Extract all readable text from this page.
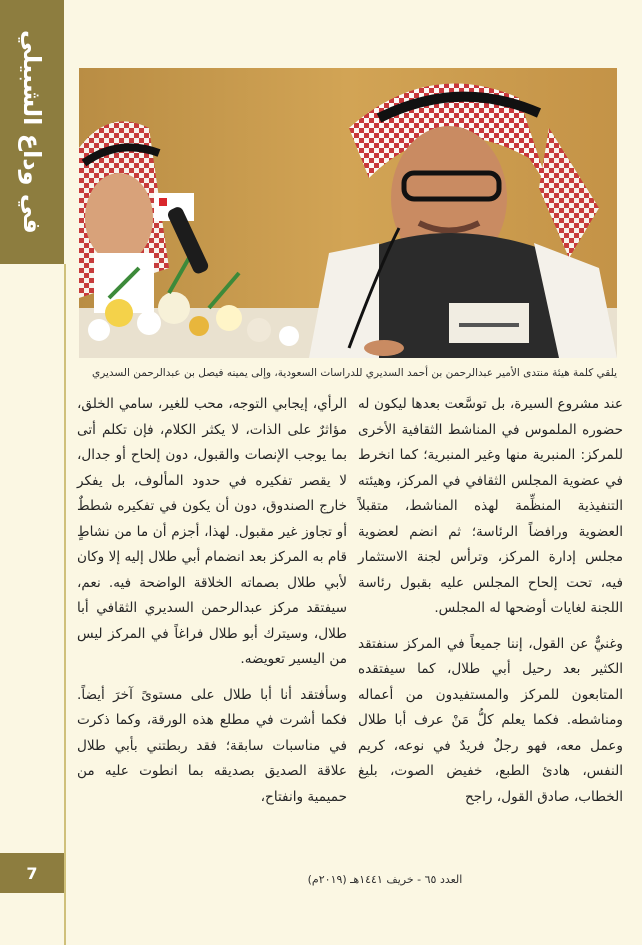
في وداع الشبيلي
يلقي كلمة هيئة منتدى الأمير عبدالرحمن بن أحمد السديري للدراسات السعودية، وإلى يمينه فيصل بن عبدالرحمن السديري

عند مشروع السيرة، بل توسَّعت بعدها ليكون له حضوره الملموس في المناشط الثقافية الأخرى للمركز: المنبرية منها وغير المنبرية؛ كما انخرط في عضوية المجلس الثقافي في المركز، وهيئته التنفيذية المنظِّمة لهذه المناشط، متقبلاً العضوية ورافضاً الرئاسة؛ ثم انضم لعضوية مجلس إدارة المركز، وترأس لجنة الاستثمار فيه، تحت إلحاح المجلس عليه بقبول رئاسة اللجنة لغايات أوضحها له المجلس.

وغنيٌّ عن القول، إننا جميعاً في المركز سنفتقد الكثير بعد رحيل أبي طلال، كما سيفتقده المتابعون للمركز والمستفيدون من أعماله ومناشطه. فكما يعلم كلُّ مَنْ عرف أبا طلال وعمل معه، فهو رجلٌ فريدٌ في نوعه، كريم النفس، هادئ الطبع، خفيض الصوت، بليغ الخطاب، صادق القول، راجح

الرأي، إيجابي التوجه، محب للغير، سامي الخلق، مؤاثرٌ على الذات، لا يكثر الكلام، فإن تكلم أتى بما يوجب الإنصات والقبول، دون إلحاح أو جدال، لا يقصر تفكيره في حدود المألوف، بل يفكر خارج الصندوق، دون أن يكون في تفكيره شططٌ أو تجاوز غير مقبول. لهذا، أجزم أن ما من نشاطٍ قام به المركز بعد انضمام أبي طلال إليه إلا وكان لأبي طلال بصماته الخلاقة الواضحة فيه. نعم، سيفتقد مركز عبدالرحمن السديري الثقافي أبا طلال، وسيترك أبو طلال فراغاً في المركز ليس من اليسير تعويضه.

وسأفتقد أنا أبا طلال على مستوىً آخرَ أيضاً. فكما أشرت في مطلع هذه الورقة، وكما ذكرت في مناسبات سابقة؛ فقد ربطتني بأبي طلال علاقة الصديق بصديقه بما انطوت عليه من حميمية وانفتاح،

7	العدد ٦٥ - خريف ١٤٤١هـ (٢٠١٩م)
